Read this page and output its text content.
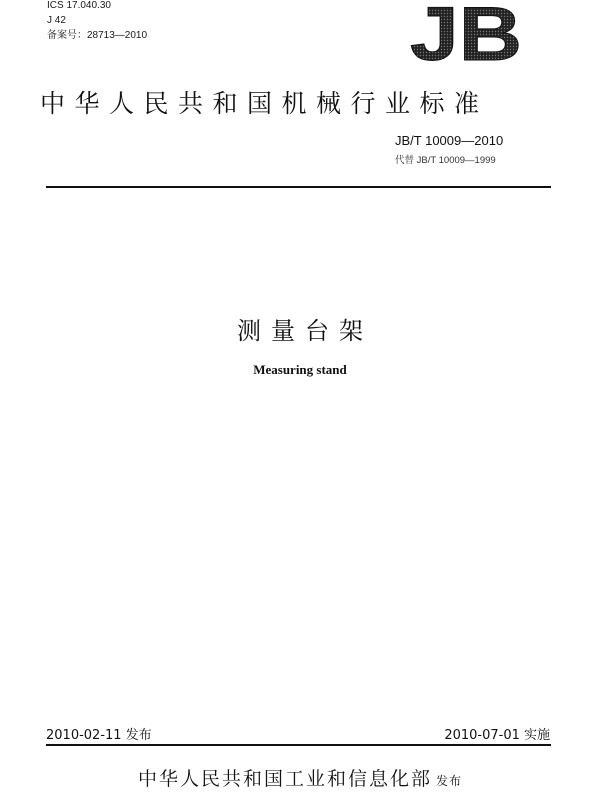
ICS 17.040.30
J 42
备案号：28713—2010	JB
中华人民共和国机械行业标准
JB/T 10009—2010
代替 JB/T 10009—1999
测量台架
Measuring stand
2010-02-11 发布	2010-07-01 实施
中华人民共和国工业和信息化部 发布
